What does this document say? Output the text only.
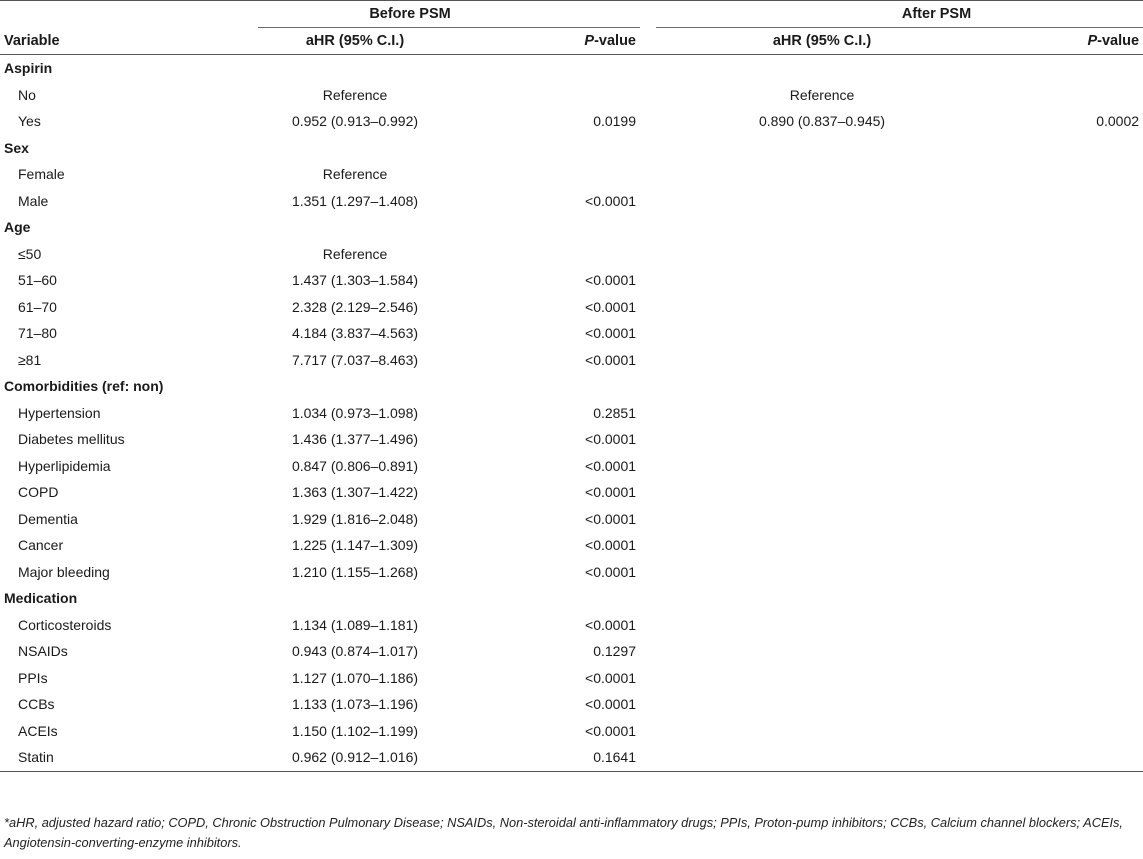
	Before PSM		After PSM	

Variable	aHR (95% C.I.)	P-value	aHR (95% C.I.)	P-value
Aspirin				
No	Reference		Reference	
Yes	0.952 (0.913–0.992)	0.0199	0.890 (0.837–0.945)	0.0002
Sex				
Female	Reference			
Male	1.351 (1.297–1.408)	<0.0001		
Age				
≤50	Reference			
51–60	1.437 (1.303–1.584)	<0.0001		
61–70	2.328 (2.129–2.546)	<0.0001		
71–80	4.184 (3.837–4.563)	<0.0001		
≥81	7.717 (7.037–8.463)	<0.0001		
Comorbidities (ref: non)				
Hypertension	1.034 (0.973–1.098)	0.2851		
Diabetes mellitus	1.436 (1.377–1.496)	<0.0001		
Hyperlipidemia	0.847 (0.806–0.891)	<0.0001		
COPD	1.363 (1.307–1.422)	<0.0001		
Dementia	1.929 (1.816–2.048)	<0.0001		
Cancer	1.225 (1.147–1.309)	<0.0001		
Major bleeding	1.210 (1.155–1.268)	<0.0001		
Medication				
Corticosteroids	1.134 (1.089–1.181)	<0.0001		
NSAIDs	0.943 (0.874–1.017)	0.1297		
PPIs	1.127 (1.070–1.186)	<0.0001		
CCBs	1.133 (1.073–1.196)	<0.0001		
ACEIs	1.150 (1.102–1.199)	<0.0001		
Statin	0.962 (0.912–1.016)	0.1641		
*aHR, adjusted hazard ratio; COPD, Chronic Obstruction Pulmonary Disease; NSAIDs, Non-steroidal anti-inflammatory drugs; PPIs, Proton-pump inhibitors; CCBs, Calcium channel blockers; ACEIs, Angiotensin-converting-enzyme inhibitors.
